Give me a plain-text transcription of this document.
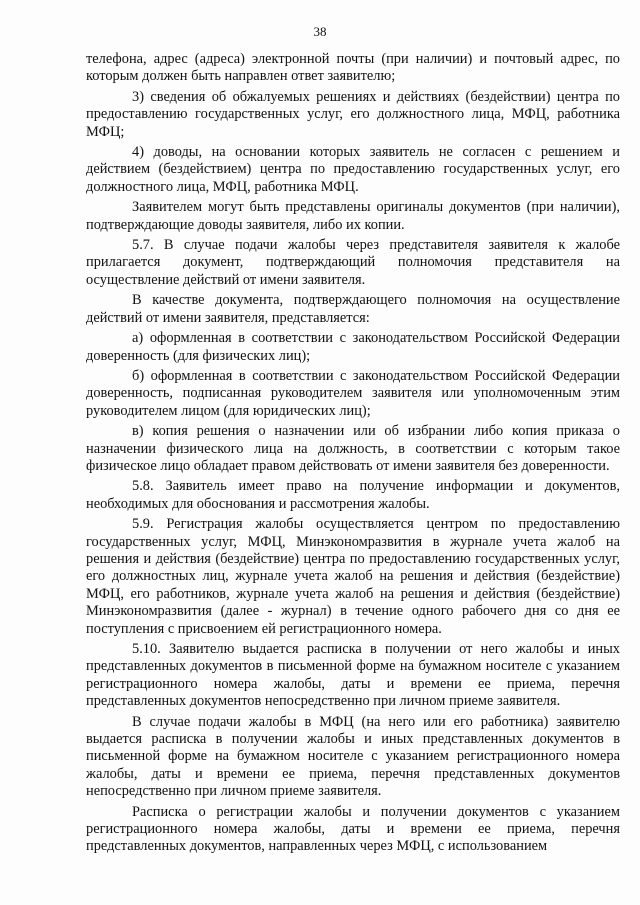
38

телефона, адрес (адреса) электронной почты (при наличии) и почтовый адрес, по которым должен быть направлен ответ заявителю;

3) сведения об обжалуемых решениях и действиях (бездействии) центра по предоставлению государственных услуг, его должностного лица, МФЦ, работника МФЦ;

4) доводы, на основании которых заявитель не согласен с решением и действием (бездействием) центра по предоставлению государственных услуг, его должностного лица, МФЦ, работника МФЦ.

Заявителем могут быть представлены оригиналы документов (при наличии), подтверждающие доводы заявителя, либо их копии.

5.7. В случае подачи жалобы через представителя заявителя к жалобе прилагается документ, подтверждающий полномочия представителя на осуществление действий от имени заявителя.

В качестве документа, подтверждающего полномочия на осуществление действий от имени заявителя, представляется:

а) оформленная в соответствии с законодательством Российской Федерации доверенность (для физических лиц);

б) оформленная в соответствии с законодательством Российской Федерации доверенность, подписанная руководителем заявителя или уполномоченным этим руководителем лицом (для юридических лиц);

в) копия решения о назначении или об избрании либо копия приказа о назначении физического лица на должность, в соответствии с которым такое физическое лицо обладает правом действовать от имени заявителя без доверенности.

5.8. Заявитель имеет право на получение информации и документов, необходимых для обоснования и рассмотрения жалобы.

5.9. Регистрация жалобы осуществляется центром по предоставлению государственных услуг, МФЦ, Минэкономразвития в журнале учета жалоб на решения и действия (бездействие) центра по предоставлению государственных услуг, его должностных лиц, журнале учета жалоб на решения и действия (бездействие) МФЦ, его работников, журнале учета жалоб на решения и действия (бездействие) Минэкономразвития (далее - журнал) в течение одного рабочего дня со дня ее поступления с присвоением ей регистрационного номера.

5.10. Заявителю выдается расписка в получении от него жалобы и иных представленных документов в письменной форме на бумажном носителе с указанием регистрационного номера жалобы, даты и времени ее приема, перечня представленных документов непосредственно при личном приеме заявителя.

В случае подачи жалобы в МФЦ (на него или его работника) заявителю выдается расписка в получении жалобы и иных представленных документов в письменной форме на бумажном носителе с указанием регистрационного номера жалобы, даты и времени ее приема, перечня представленных документов непосредственно при личном приеме заявителя.

Расписка о регистрации жалобы и получении документов с указанием регистрационного номера жалобы, даты и времени ее приема, перечня представленных документов, направленных через МФЦ, с использованием
